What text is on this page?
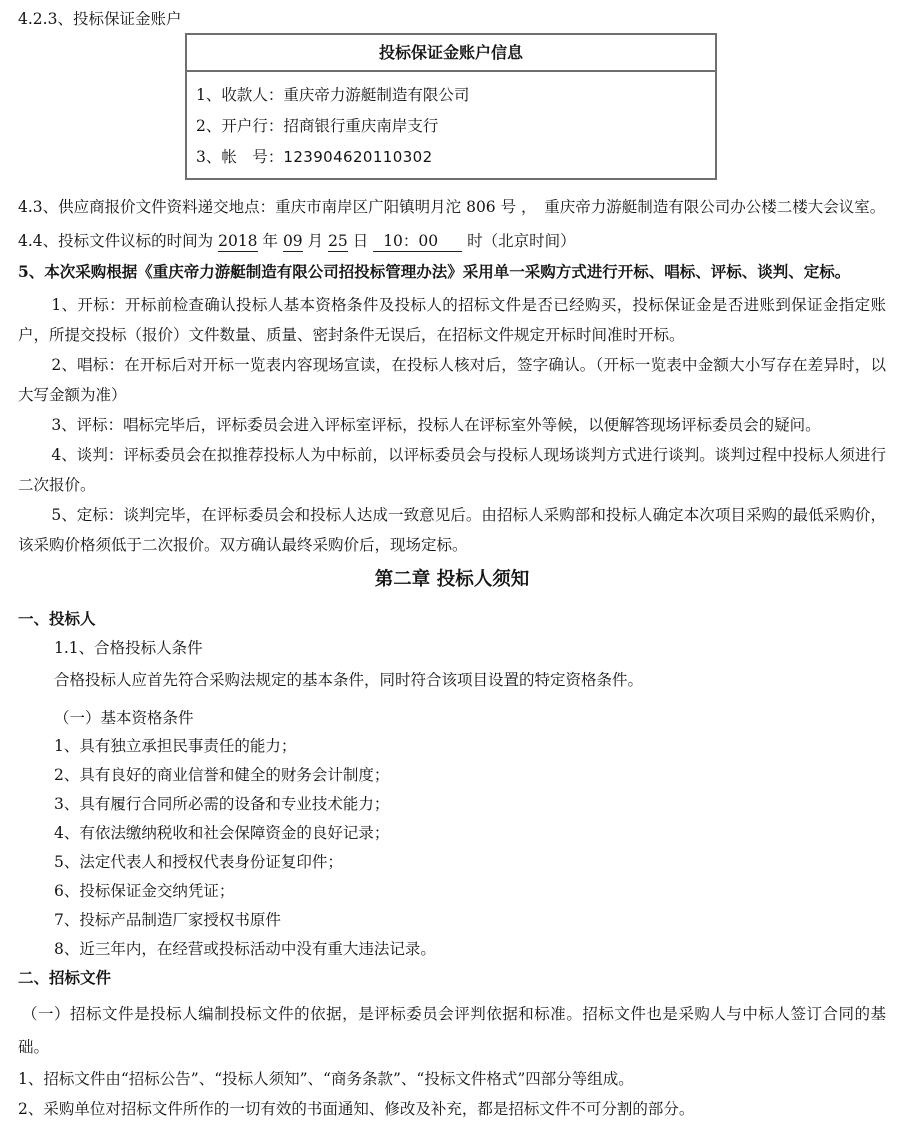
4.2.3、投标保证金账户
投标保证金账户信息
1、收款人：重庆帝力游艇制造有限公司
2、开户行：招商银行重庆南岸支行
3、帐　号：123904620110302
4.3、供应商报价文件资料递交地点：重庆市南岸区广阳镇明月沱 806 号 ，　重庆帝力游艇制造有限公司办公楼二楼大会议室。
4.4、投标文件议标的时间为 2018 年 09 月 25 日 10：00 时（北京时间）
5、本次采购根据《重庆帝力游艇制造有限公司招投标管理办法》采用单一采购方式进行开标、唱标、评标、谈判、定标。
1、开标：开标前检查确认投标人基本资格条件及投标人的招标文件是否已经购买，投标保证金是否进账到保证金指定账户，所提交投标（报价）文件数量、质量、密封条件无误后，在招标文件规定开标时间准时开标。
2、唱标：在开标后对开标一览表内容现场宣读，在投标人核对后，签字确认。（开标一览表中金额大小写存在差异时，以大写金额为准）
3、评标：唱标完毕后，评标委员会进入评标室评标，投标人在评标室外等候，以便解答现场评标委员会的疑问。
4、谈判：评标委员会在拟推荐投标人为中标前，以评标委员会与投标人现场谈判方式进行谈判。谈判过程中投标人须进行二次报价。
5、定标：谈判完毕，在评标委员会和投标人达成一致意见后。由招标人采购部和投标人确定本次项目采购的最低采购价，该采购价格须低于二次报价。双方确认最终采购价后，现场定标。
第二章 投标人须知
一、投标人
1.1、合格投标人条件
合格投标人应首先符合采购法规定的基本条件，同时符合该项目设置的特定资格条件。
（一）基本资格条件
1、具有独立承担民事责任的能力；
2、具有良好的商业信誉和健全的财务会计制度；
3、具有履行合同所必需的设备和专业技术能力；
4、有依法缴纳税收和社会保障资金的良好记录；
5、法定代表人和授权代表身份证复印件；
6、投标保证金交纳凭证；
7、投标产品制造厂家授权书原件
8、近三年内，在经营或投标活动中没有重大违法记录。
二、招标文件
（一）招标文件是投标人编制投标文件的依据，是评标委员会评判依据和标准。招标文件也是采购人与中标人签订合同的基础。
1、招标文件由“招标公告”、“投标人须知”、“商务条款”、“投标文件格式”四部分等组成。
2、采购单位对招标文件所作的一切有效的书面通知、修改及补充，都是招标文件不可分割的部分。
